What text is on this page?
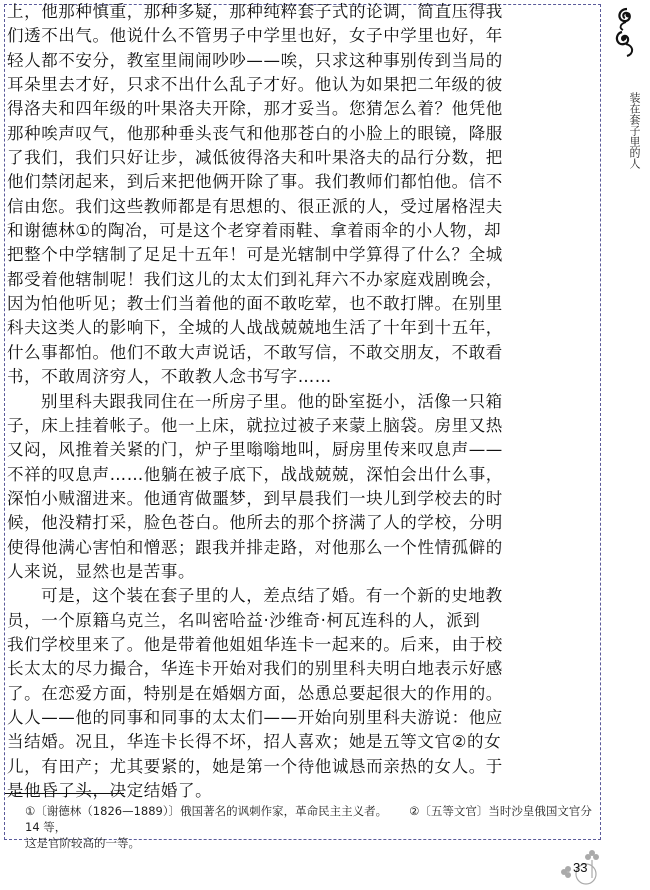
上，他那种慎重，那种多疑，那种纯粹套子式的论调，简直压得我
们透不出气。他说什么不管男子中学里也好，女子中学里也好，年
轻人都不安分，教室里闹闹吵吵——唉，只求这种事别传到当局的
耳朵里去才好，只求不出什么乱子才好。他认为如果把二年级的彼
得洛夫和四年级的叶果洛夫开除，那才妥当。您猜怎么着？他凭他
那种唉声叹气，他那种垂头丧气和他那苍白的小脸上的眼镜，降服
了我们，我们只好让步，减低彼得洛夫和叶果洛夫的品行分数，把
他们禁闭起来，到后来把他俩开除了事。我们教师们都怕他。信不
信由您。我们这些教师都是有思想的、很正派的人，受过屠格涅夫
和谢德林①的陶冶，可是这个老穿着雨鞋、拿着雨伞的小人物，却
把整个中学辖制了足足十五年！可是光辖制中学算得了什么？全城
都受着他辖制呢！我们这儿的太太们到礼拜六不办家庭戏剧晚会，
因为怕他听见；教士们当着他的面不敢吃荤，也不敢打牌。在别里
科夫这类人的影响下，全城的人战战兢兢地生活了十年到十五年，
什么事都怕。他们不敢大声说话，不敢写信，不敢交朋友，不敢看
书，不敢周济穷人，不敢教人念书写字……
别里科夫跟我同住在一所房子里。他的卧室挺小，活像一只箱
子，床上挂着帐子。他一上床，就拉过被子来蒙上脑袋。房里又热
又闷，风推着关紧的门，炉子里嗡嗡地叫，厨房里传来叹息声——
不祥的叹息声……他躺在被子底下，战战兢兢，深怕会出什么事，
深怕小贼溜进来。他通宵做噩梦，到早晨我们一块儿到学校去的时
候，他没精打采，脸色苍白。他所去的那个挤满了人的学校，分明
使得他满心害怕和憎恶；跟我并排走路，对他那么一个性情孤僻的
人来说，显然也是苦事。
可是，这个装在套子里的人，差点结了婚。有一个新的史地教
员，一个原籍乌克兰，名叫密哈益·沙维奇·柯瓦连科的人，派到
我们学校里来了。他是带着他姐姐华连卡一起来的。后来，由于校
长太太的尽力撮合，华连卡开始对我们的别里科夫明白地表示好感
了。在恋爱方面，特别是在婚姻方面，怂恿总要起很大的作用的。
人人——他的同事和同事的太太们——开始向别里科夫游说：他应
当结婚。况且，华连卡长得不坏，招人喜欢；她是五等文官②的女
儿，有田产；尤其要紧的，她是第一个待他诚恳而亲热的女人。于
是他昏了头，决定结婚了。
①〔谢德林（1826—1889）〕俄国著名的讽刺作家，革命民主主义者。 ②〔五等文官〕当时沙皇俄国文官分 14 等，
这是官阶较高的一等。
装在套子里的人
33
